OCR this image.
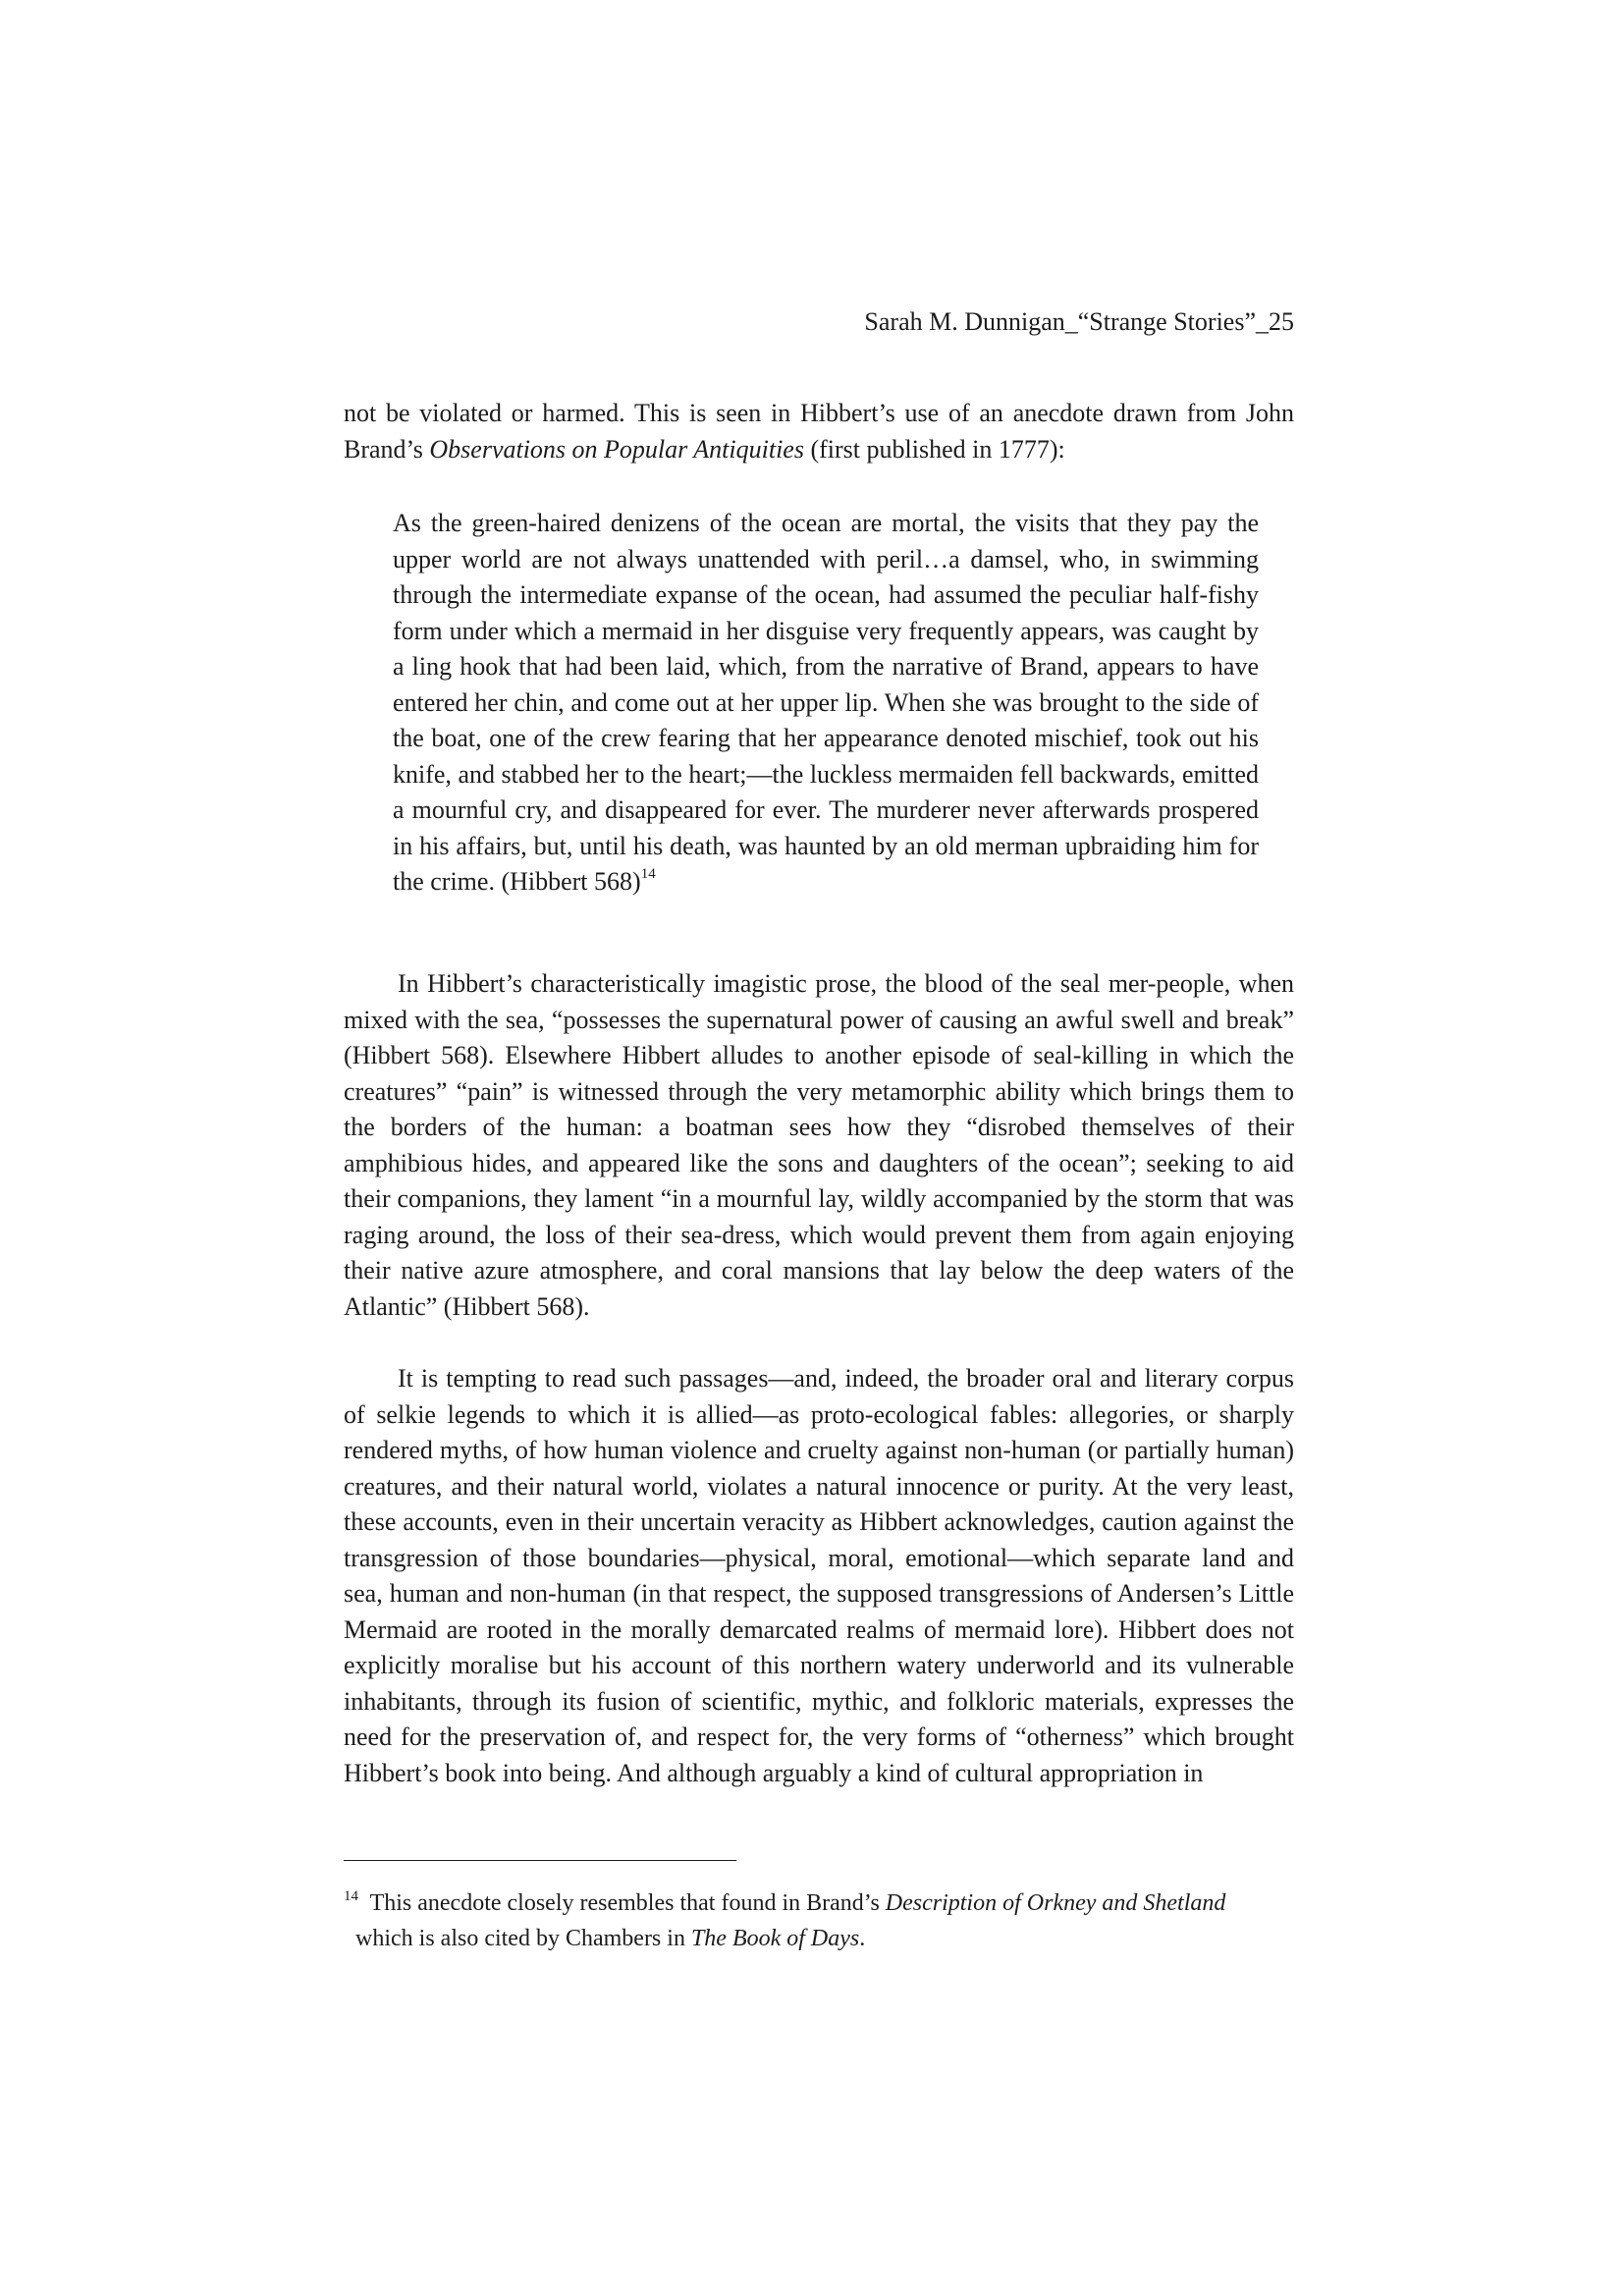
Sarah M. Dunnigan_“Strange Stories”_25

not be violated or harmed. This is seen in Hibbert’s use of an anecdote drawn from John Brand’s Observations on Popular Antiquities (first published in 1777):

As the green-haired denizens of the ocean are mortal, the visits that they pay the upper world are not always unattended with peril…a damsel, who, in swimming through the intermediate expanse of the ocean, had assumed the peculiar half-fishy form under which a mermaid in her disguise very frequently appears, was caught by a ling hook that had been laid, which, from the narrative of Brand, appears to have entered her chin, and come out at her upper lip. When she was brought to the side of the boat, one of the crew fearing that her appearance denoted mischief, took out his knife, and stabbed her to the heart;—the luckless mermaiden fell backwards, emitted a mournful cry, and disappeared for ever. The murderer never afterwards prospered in his affairs, but, until his death, was haunted by an old merman upbraiding him for the crime. (Hibbert 568)$^{14}$

In Hibbert’s characteristically imagistic prose, the blood of the seal mer-people, when mixed with the sea, “possesses the supernatural power of causing an awful swell and break” (Hibbert 568). Elsewhere Hibbert alludes to another episode of seal-killing in which the creatures” “pain” is witnessed through the very metamorphic ability which brings them to the borders of the human: a boatman sees how they “disrobed themselves of their amphibious hides, and appeared like the sons and daughters of the ocean”; seeking to aid their companions, they lament “in a mournful lay, wildly accompanied by the storm that was raging around, the loss of their sea-dress, which would prevent them from again enjoying their native azure atmosphere, and coral mansions that lay below the deep waters of the Atlantic” (Hibbert 568).

It is tempting to read such passages—and, indeed, the broader oral and literary corpus of selkie legends to which it is allied—as proto-ecological fables: allegories, or sharply rendered myths, of how human violence and cruelty against non-human (or partially human) creatures, and their natural world, violates a natural innocence or purity. At the very least, these accounts, even in their uncertain veracity as Hibbert acknowledges, caution against the transgression of those boundaries—physical, moral, emotional—which separate land and sea, human and non-human (in that respect, the supposed transgressions of Andersen’s Little Mermaid are rooted in the morally demarcated realms of mermaid lore). Hibbert does not explicitly moralise but his account of this northern watery underworld and its vulnerable inhabitants, through its fusion of scientific, mythic, and folkloric materials, expresses the need for the preservation of, and respect for, the very forms of “otherness” which brought Hibbert’s book into being. And although arguably a kind of cultural appropriation in

$^{14}$ This anecdote closely resembles that found in Brand’s Description of Orkney and Shetland
which is also cited by Chambers in The Book of Days.
